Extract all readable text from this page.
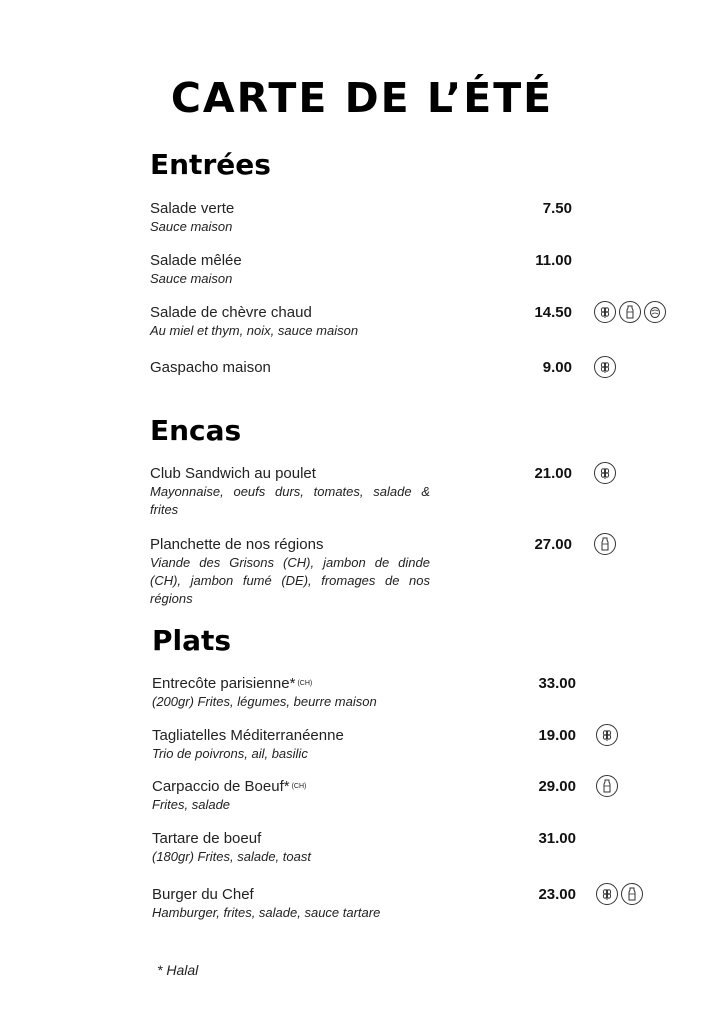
CARTE DE L’ÉTÉ
Entrées
Encas
Plats
Salade verte
Sauce maison
7.50
Salade mêlée
Sauce maison
11.00
Salade de chèvre chaud
Au miel et thym, noix, sauce maison
14.50
Gaspacho maison	9.00
Club Sandwich au poulet
Mayonnaise, oeufs durs, tomates, salade & frites
21.00
Planchette de nos régions
Viande des Grisons (CH), jambon de dinde (CH), jambon fumé (DE), fromages de nos régions
27.00
Entrecôte parisienne* (CH)
(200gr) Frites, légumes, beurre maison
33.00
Tagliatelles Méditerranéenne
Trio de poivrons, ail, basilic
19.00
Carpaccio de Boeuf* (CH)
Frites, salade
29.00
Tartare de boeuf
(180gr) Frites, salade, toast
31.00
Burger du Chef
Hamburger, frites, salade, sauce tartare
23.00
* Halal
